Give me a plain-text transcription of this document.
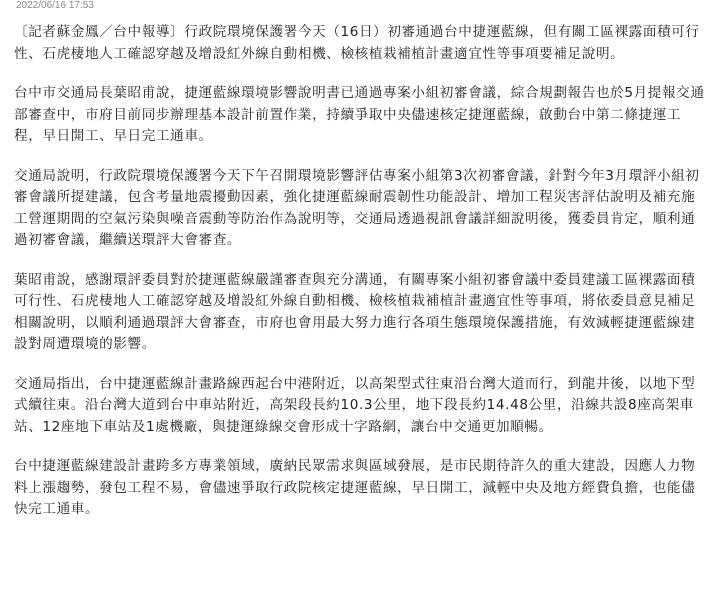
2022/06/16 17:53

〔記者蘇金鳳／台中報導〕行政院環境保護署今天（16日）初審通過台中捷運藍線，但有關工區裸露面積可行性、石虎棲地人工確認穿越及增設紅外線自動相機、檢核植栽補植計畫適宜性等事項要補足說明。

台中市交通局長葉昭甫說，捷運藍線環境影響說明書已通過專案小組初審會議，綜合規劃報告也於5月提報交通部審查中，市府目前同步辦理基本設計前置作業，持續爭取中央儘速核定捷運藍線，啟動台中第二條捷運工程，早日開工、早日完工通車。

交通局說明，行政院環境保護署今天下午召開環境影響評估專案小組第3次初審會議，針對今年3月環評小組初審會議所提建議，包含考量地震擾動因素，強化捷運藍線耐震韌性功能設計、增加工程災害評估說明及補充施工營運期間的空氣污染與噪音震動等防治作為說明等，交通局透過視訊會議詳細說明後，獲委員肯定，順利通過初審會議，繼續送環評大會審查。

葉昭甫說，感謝環評委員對於捷運藍線嚴謹審查與充分溝通，有關專案小組初審會議中委員建議工區裸露面積可行性、石虎棲地人工確認穿越及增設紅外線自動相機、檢核植栽補植計畫適宜性等事項，將依委員意見補足相關說明，以順利通過環評大會審查，市府也會用最大努力進行各項生態環境保護措施，有效減輕捷運藍線建設對周遭環境的影響。

交通局指出，台中捷運藍線計畫路線西起台中港附近，以高架型式往東沿台灣大道而行，到龍井後，以地下型式續往東。沿台灣大道到台中車站附近，高架段長約10.3公里，地下段長約14.48公里，沿線共設8座高架車站、12座地下車站及1處機廠，與捷運綠線交會形成十字路網，讓台中交通更加順暢。

台中捷運藍線建設計畫跨多方專業領域，廣納民眾需求與區域發展，是市民期待許久的重大建設，因應人力物料上漲趨勢，發包工程不易，會儘速爭取行政院核定捷運藍線，早日開工，減輕中央及地方經費負擔，也能儘快完工通車。
